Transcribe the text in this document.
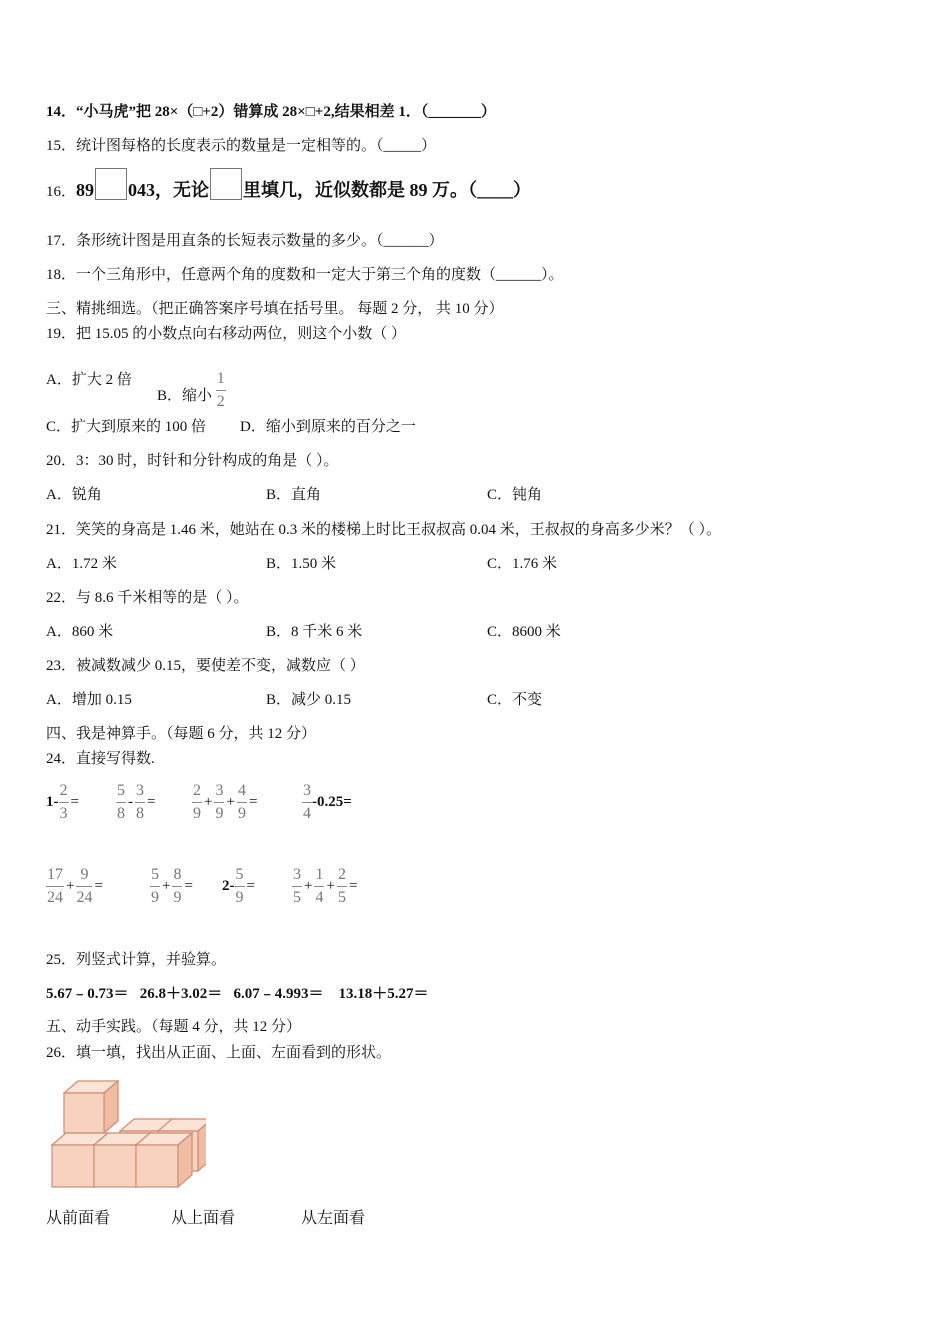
14．“小马虎”把 28×（□+2）错算成 28×□+2,结果相差 1．（_______）
15．统计图每格的长度表示的数量是一定相等的。（_____）
16．89 043，无论 里填几，近似数都是 89 万。（____）
17．条形统计图是用直条的长短表示数量的多少。（______）
18．一个三角形中，任意两个角的度数和一定大于第三个角的度数（______）。
三、精挑细选。（把正确答案序号填在括号里。 每题 2 分， 共 10 分）
19．把 15.05 的小数点向右移动两位，则这个小数（ ）
A．扩大 2 倍
B．缩小 $\frac{1}{2}$
C．扩大到原来的 100 倍 D．缩小到原来的百分之一
20．3：30 时，时针和分针构成的角是（ ）。
A．锐角	B．直角	C．钝角
21．笑笑的身高是 1.46 米，她站在 0.3 米的楼梯上时比王叔叔高 0.04 米，王叔叔的身高多少米？（ ）。
A．1.72 米	B．1.50 米	C．1.76 米
22．与 8.6 千米相等的是（ ）。
A．860 米	B．8 千米 6 米	C．8600 米
23．被减数减少 0.15，要使差不变，减数应（ ）
A．增加 0.15	B．减少 0.15	C．不变
四、我是神算手。（每题 6 分，共 12 分）
24．直接写得数.
$1- \frac{2}{3} = \frac{5}{8} - \frac{3}{8} = \frac{2}{9} + \frac{3}{9} + \frac{4}{9}$ =	$\frac{3}{4} -0.25=$
$\frac{17}{24} + \frac{9}{24}$ =	$\frac{5}{9} + \frac{8}{9} = 2- \frac{5}{9} = \frac{3}{5} + \frac{1}{4} + \frac{2}{5}$ =
25．列竖式计算，并验算。
5.67﹣0.73＝   26.8＋3.02＝   6.07﹣4.993＝    13.18＋5.27＝
五、动手实践。（每题 4 分，共 12 分）
26．填一填，找出从正面、上面、左面看到的形状。
从前面看	从上面看	从左面看
